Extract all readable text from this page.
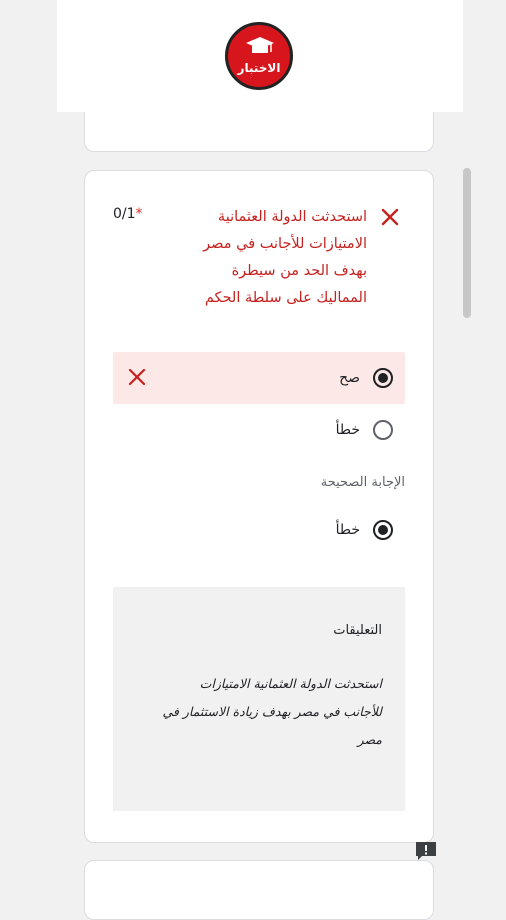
الاختبار
استحدثت الدولة العثمانية الامتيازات للأجانب في مصر بهدف الحد من سيطرة المماليك على سلطة الحكم
0/1*
صح
خطأ
الإجابة الصحيحة
خطأ
التعليقات
استحدثت الدولة العثمانية الامتيازات للأجانب في مصر بهدف زيادة الاستثمار في مصر
